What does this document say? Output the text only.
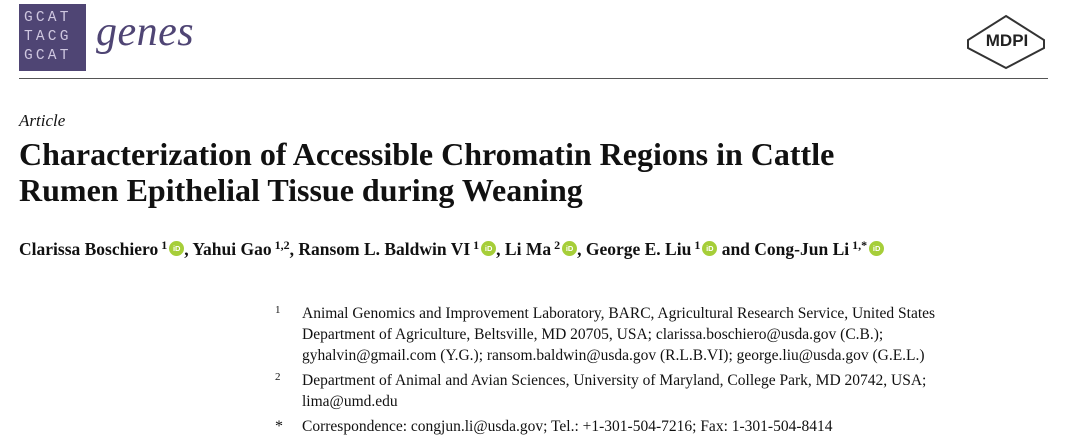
GCAT
TACG
GCAT
genes	MDPI
Article
Characterization of Accessible Chromatin Regions in Cattle
Rumen Epithelial Tissue during Weaning
Clarissa Boschiero $^1$ iD , Yahui Gao $^{1,2}$, Ransom L. Baldwin VI $^1$ iD , Li Ma $^2$ iD , George E. Liu $^1$ iD and Cong-Jun Li $^{1,*}$ iD
1 Animal Genomics and Improvement Laboratory, BARC, Agricultural Research Service, United States
Department of Agriculture, Beltsville, MD 20705, USA; clarissa.boschiero@usda.gov (C.B.);
gyhalvin@gmail.com (Y.G.); ransom.baldwin@usda.gov (R.L.B.VI); george.liu@usda.gov (G.E.L.)
2 Department of Animal and Avian Sciences, University of Maryland, College Park, MD 20742, USA;
lima@umd.edu
* Correspondence: congjun.li@usda.gov; Tel.: +1-301-504-7216; Fax: 1-301-504-8414
